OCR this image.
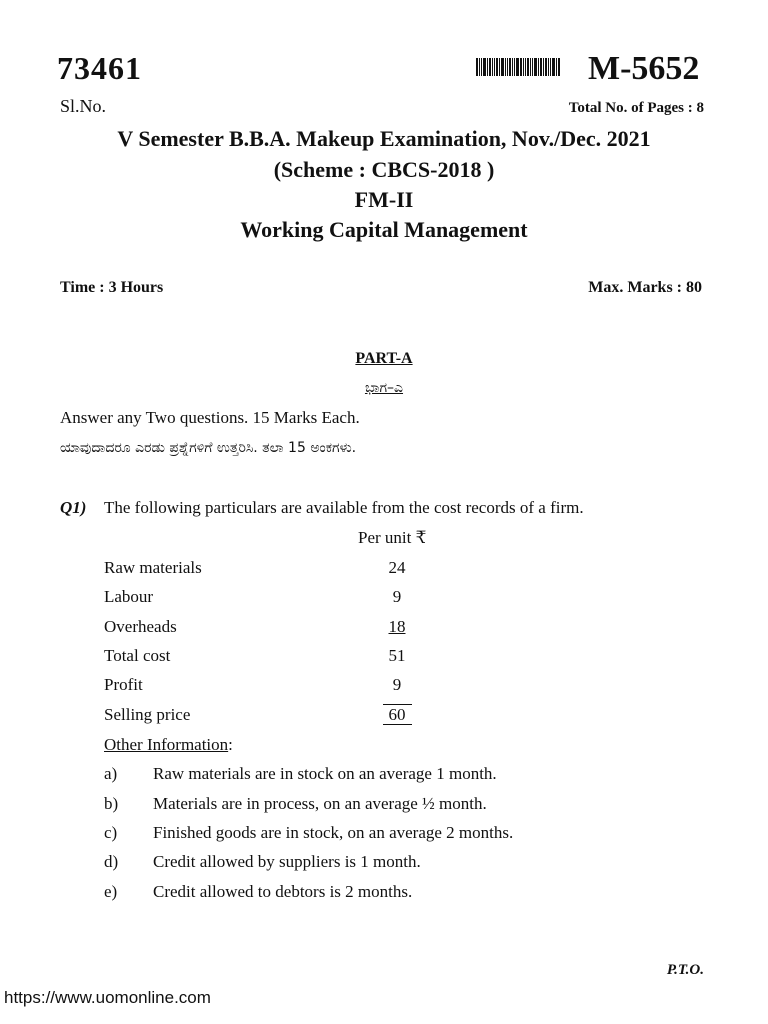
73461	M-5652
Sl.No.	Total No. of Pages : 8
V Semester B.B.A. Makeup Examination, Nov./Dec. 2021
(Scheme : CBCS-2018 )
FM-II
Working Capital Management
Time : 3 Hours	Max. Marks : 80
PART-A
ಭಾಗ–ಎ
Answer any Two questions. 15 Marks Each.
ಯಾವುದಾದರೂ ಎರಡು ಪ್ರಶ್ನೆಗಳಿಗೆ ಉತ್ತರಿಸಿ. ತಲಾ 15 ಅಂಕಗಳು.
Q1) The following particulars are available from the cost records of a firm.
Per unit ₹
Raw materials	24
Labour	9
Overheads	18
Total cost	51
Profit	9
Selling price	60
Other Information:
a) Raw materials are in stock on an average 1 month.
b) Materials are in process, on an average ½ month.
c) Finished goods are in stock, on an average 2 months.
d) Credit allowed by suppliers is 1 month.
e) Credit allowed to debtors is 2 months.
P.T.O.
https://www.uomonline.com
